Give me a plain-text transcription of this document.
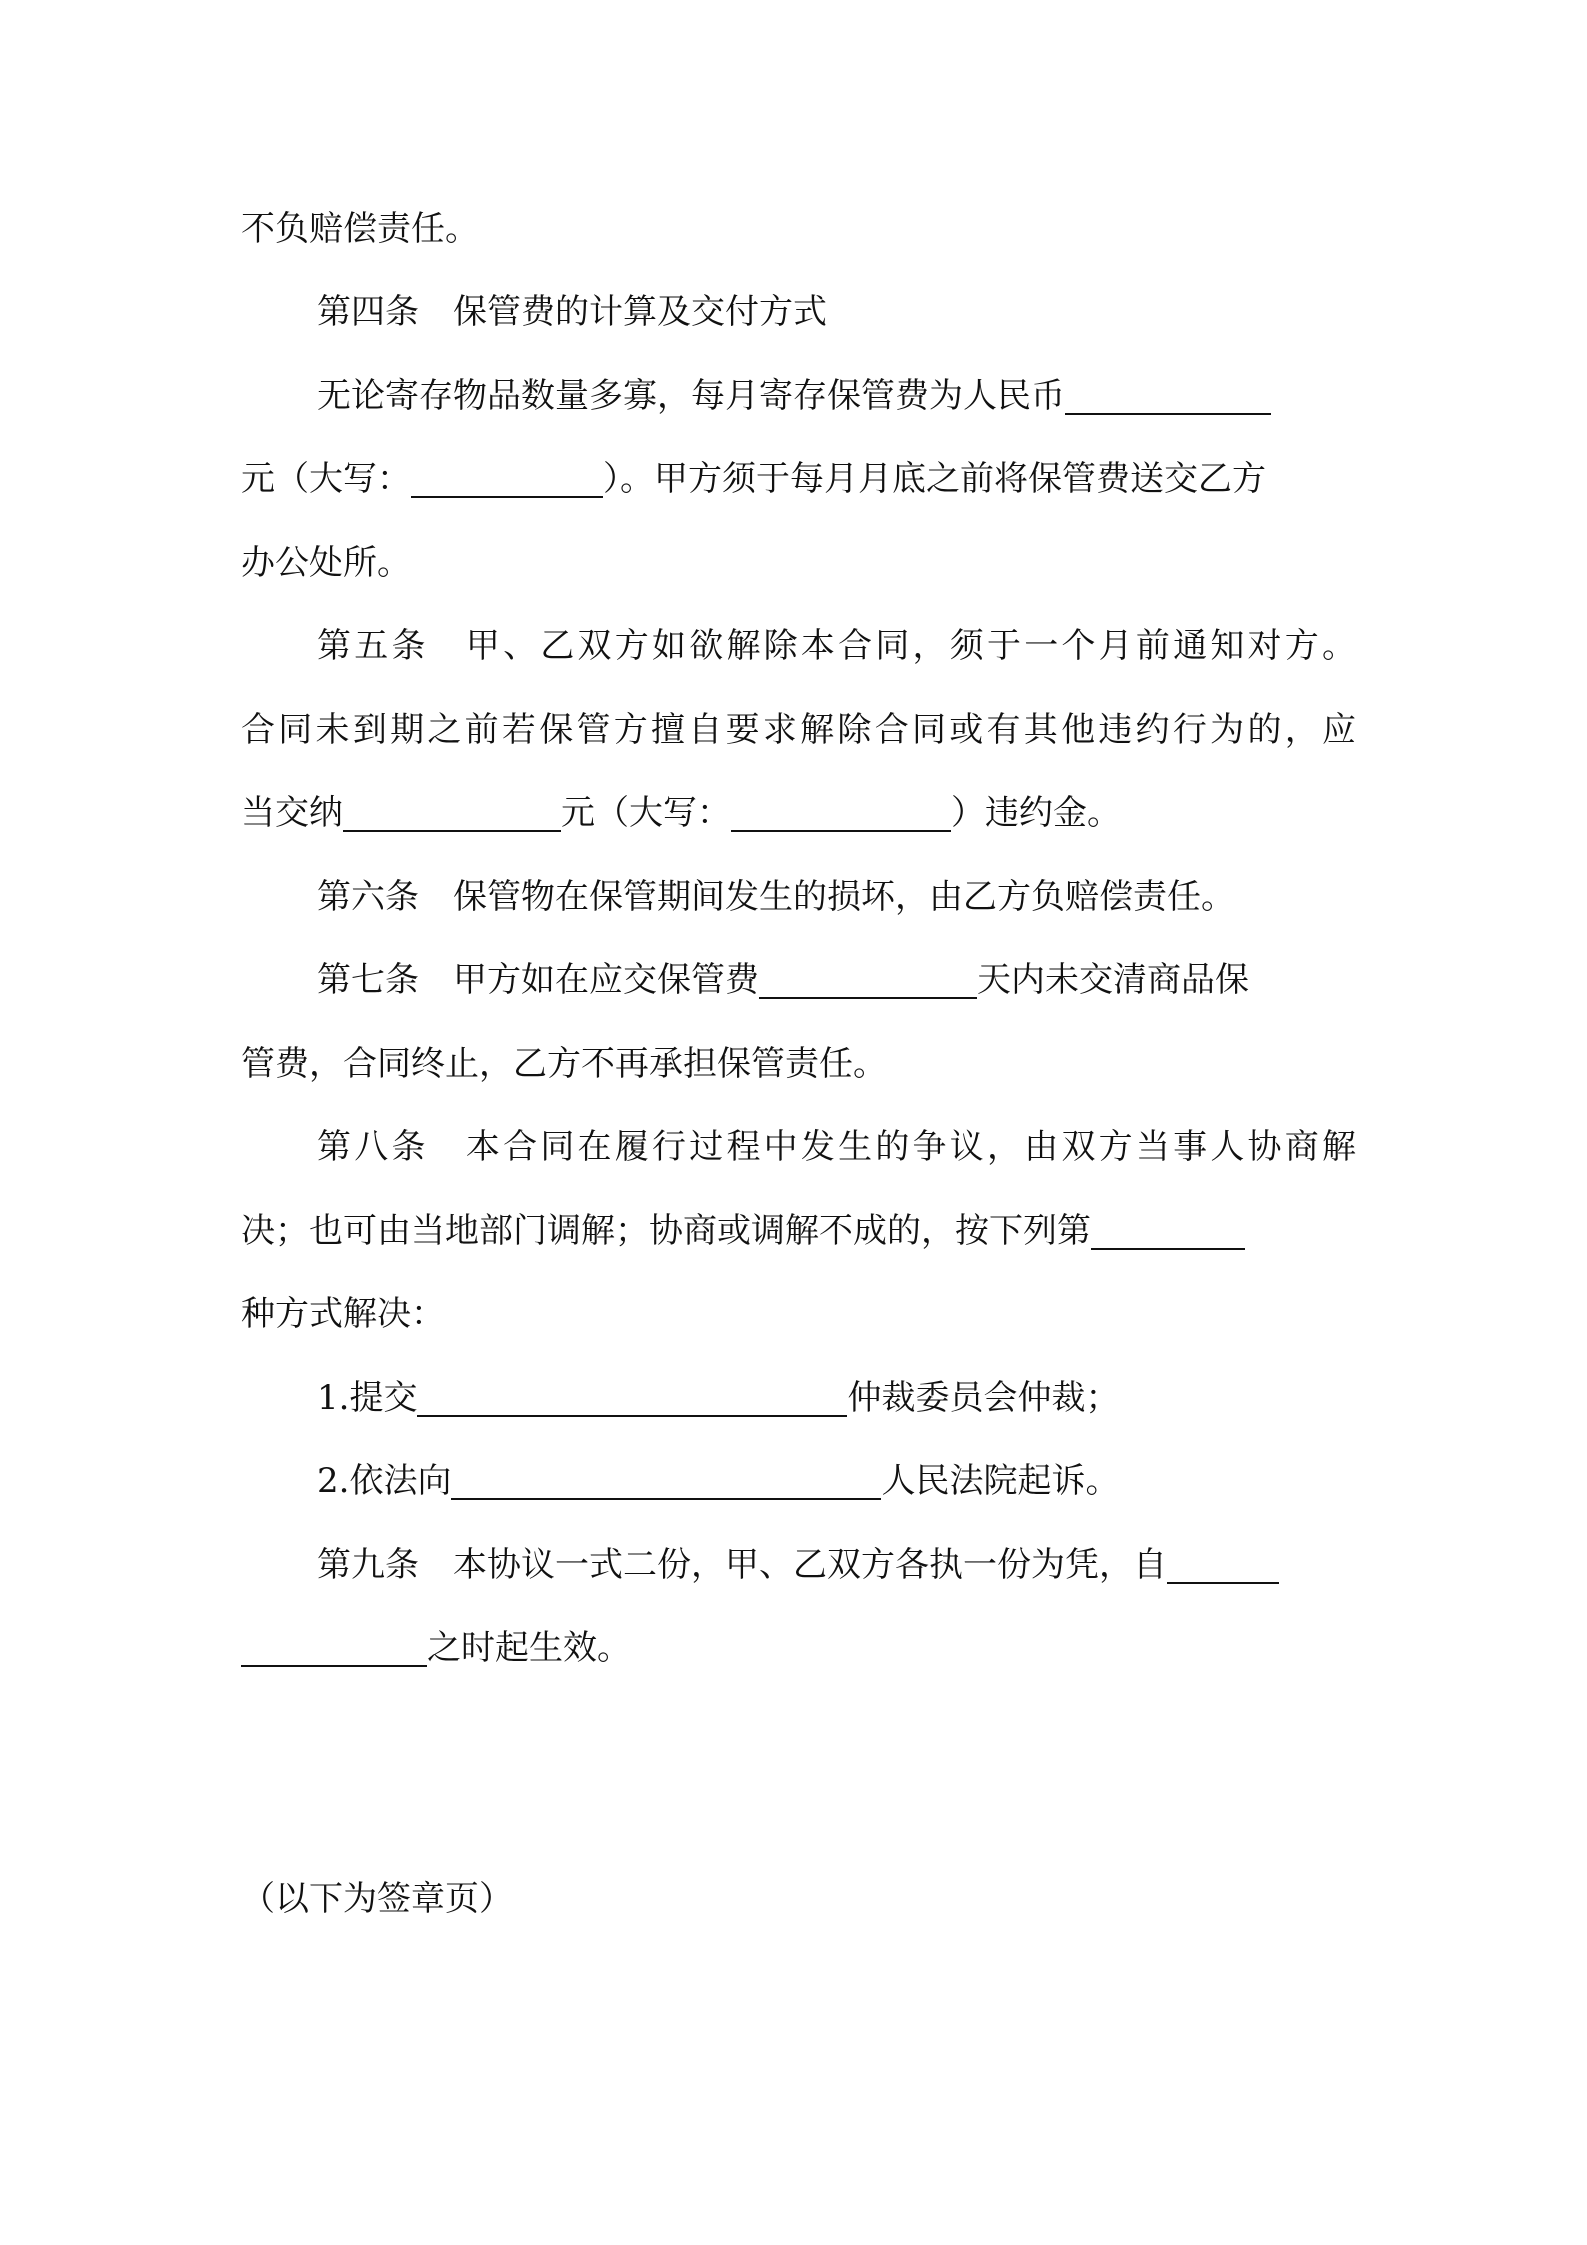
不负赔偿责任。
第四条 保管费的计算及交付方式
无论寄存物品数量多寡，每月寄存保管费为人民币
元（大写：	）。甲方须于每月月底之前将保管费送交乙方
办公处所。
第五条 甲、乙双方如欲解除本合同，须于一个月前通知对方。
合同未到期之前若保管方擅自要求解除合同或有其他违约行为的，应
当交纳	元（大写：	）违约金。
第六条 保管物在保管期间发生的损坏，由乙方负赔偿责任。
第七条 甲方如在应交保管费	天内未交清商品保
管费，合同终止，乙方不再承担保管责任。
第八条 本合同在履行过程中发生的争议，由双方当事人协商解
决；也可由当地部门调解；协商或调解不成的，按下列第
种方式解决：
1.提交	仲裁委员会仲裁；
2.依法向	人民法院起诉。
第九条 本协议一式二份，甲、乙双方各执一份为凭，自
之时起生效。
（以下为签章页）
